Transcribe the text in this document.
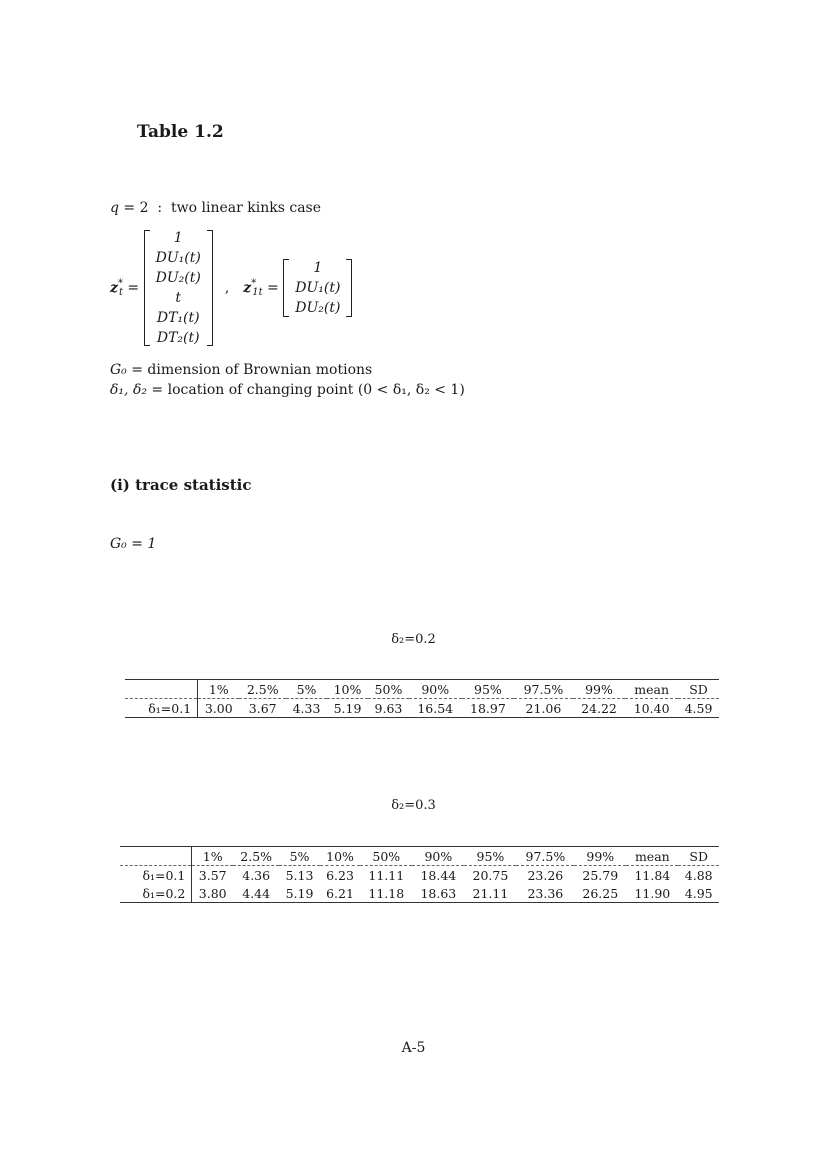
Table 1.2
q = 2  :  two linear kinks case
$z^*_t$ =
1
DU₁(t)
DU₂(t)
t
DT₁(t)
DT₂(t)
, $z^*_{1t}$ =
1
DU₁(t)
DU₂(t)
G₀ = dimension of Brownian motions
δ₁, δ₂ = location of changing point (0 < δ₁, δ₂ < 1)
(i) trace statistic
G₀ = 1
δ₂=0.2
	1%	2.5%	5%	10%	50%	90%	95%	97.5%	99%	mean	SD
δ₁=0.1	3.00	3.67	4.33	5.19	9.63	16.54	18.97	21.06	24.22	10.40	4.59
δ₂=0.3
	1%	2.5%	5%	10%	50%	90%	95%	97.5%	99%	mean	SD
δ₁=0.1	3.57	4.36	5.13	6.23	11.11	18.44	20.75	23.26	25.79	11.84	4.88
δ₁=0.2	3.80	4.44	5.19	6.21	11.18	18.63	21.11	23.36	26.25	11.90	4.95
A-5
